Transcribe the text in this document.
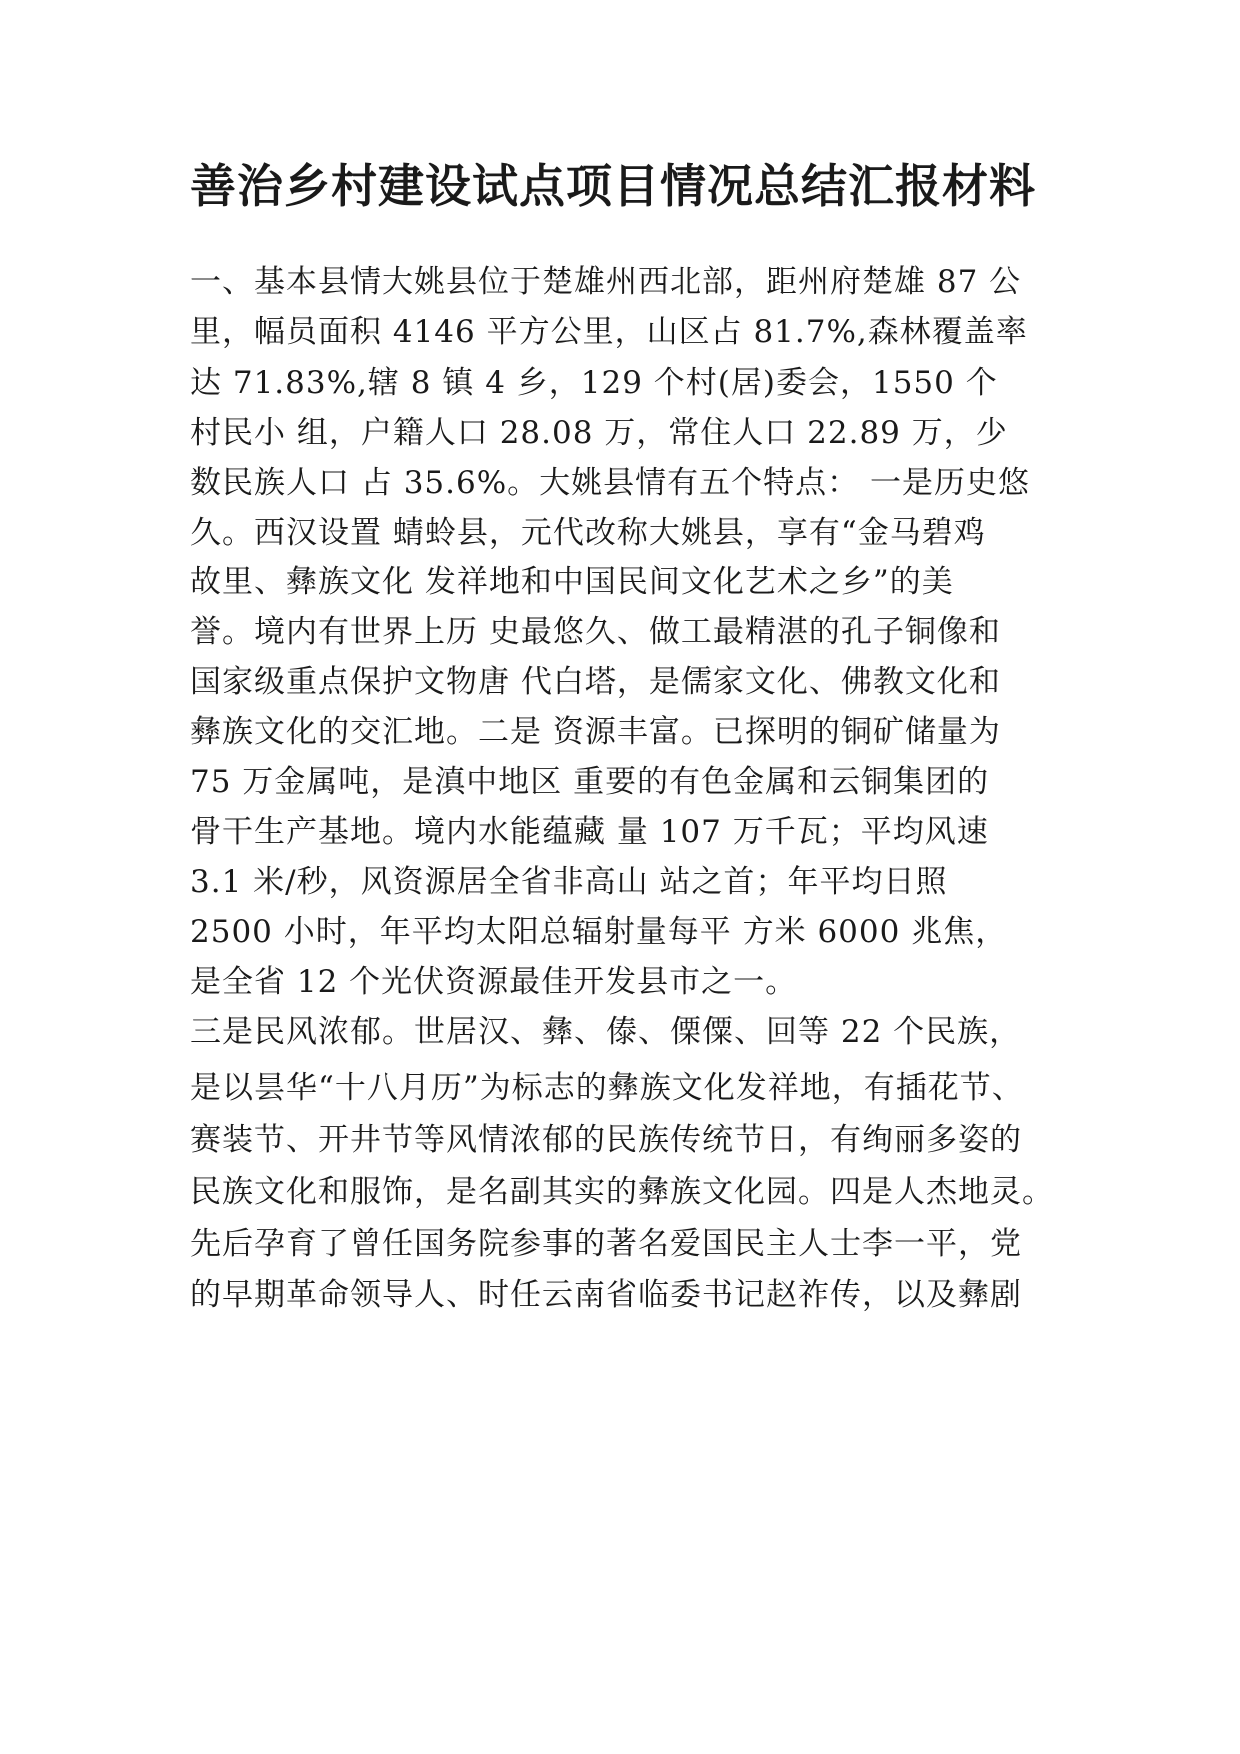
善治乡村建设试点项目情况总结汇报材料
一、基本县情大姚县位于楚雄州西北部，距州府楚雄 87 公
里，幅员面积 4146 平方公里，山区占 81.7%,森林覆盖率
达 71.83%,辖 8 镇 4 乡，129 个村(居)委会，1550 个
村民小 组，户籍人口 28.08 万，常住人口 22.89 万，少
数民族人口 占 35.6%。大姚县情有五个特点： 一是历史悠
久。西汉设置 蜻蛉县，元代改称大姚县，享有“金马碧鸡
故里、彝族文化 发祥地和中国民间文化艺术之乡”的美
誉。境内有世界上历 史最悠久、做工最精湛的孔子铜像和
国家级重点保护文物唐 代白塔，是儒家文化、佛教文化和
彝族文化的交汇地。二是 资源丰富。已探明的铜矿储量为
75 万金属吨，是滇中地区 重要的有色金属和云铜集团的
骨干生产基地。境内水能蕴藏 量 107 万千瓦；平均风速
3.1 米/秒，风资源居全省非高山 站之首；年平均日照
2500 小时，年平均太阳总辐射量每平 方米 6000 兆焦，
是全省 12 个光伏资源最佳开发县市之一。
三是民风浓郁。世居汉、彝、傣、傈僳、回等 22 个民族，
是以昙华“十八月历”为标志的彝族文化发祥地，有插花节、
赛装节、开井节等风情浓郁的民族传统节日，有绚丽多姿的
民族文化和服饰，是名副其实的彝族文化园。四是人杰地灵。
先后孕育了曾任国务院参事的著名爱国民主人士李一平，党
的早期革命领导人、时任云南省临委书记赵祚传，以及彝剧
